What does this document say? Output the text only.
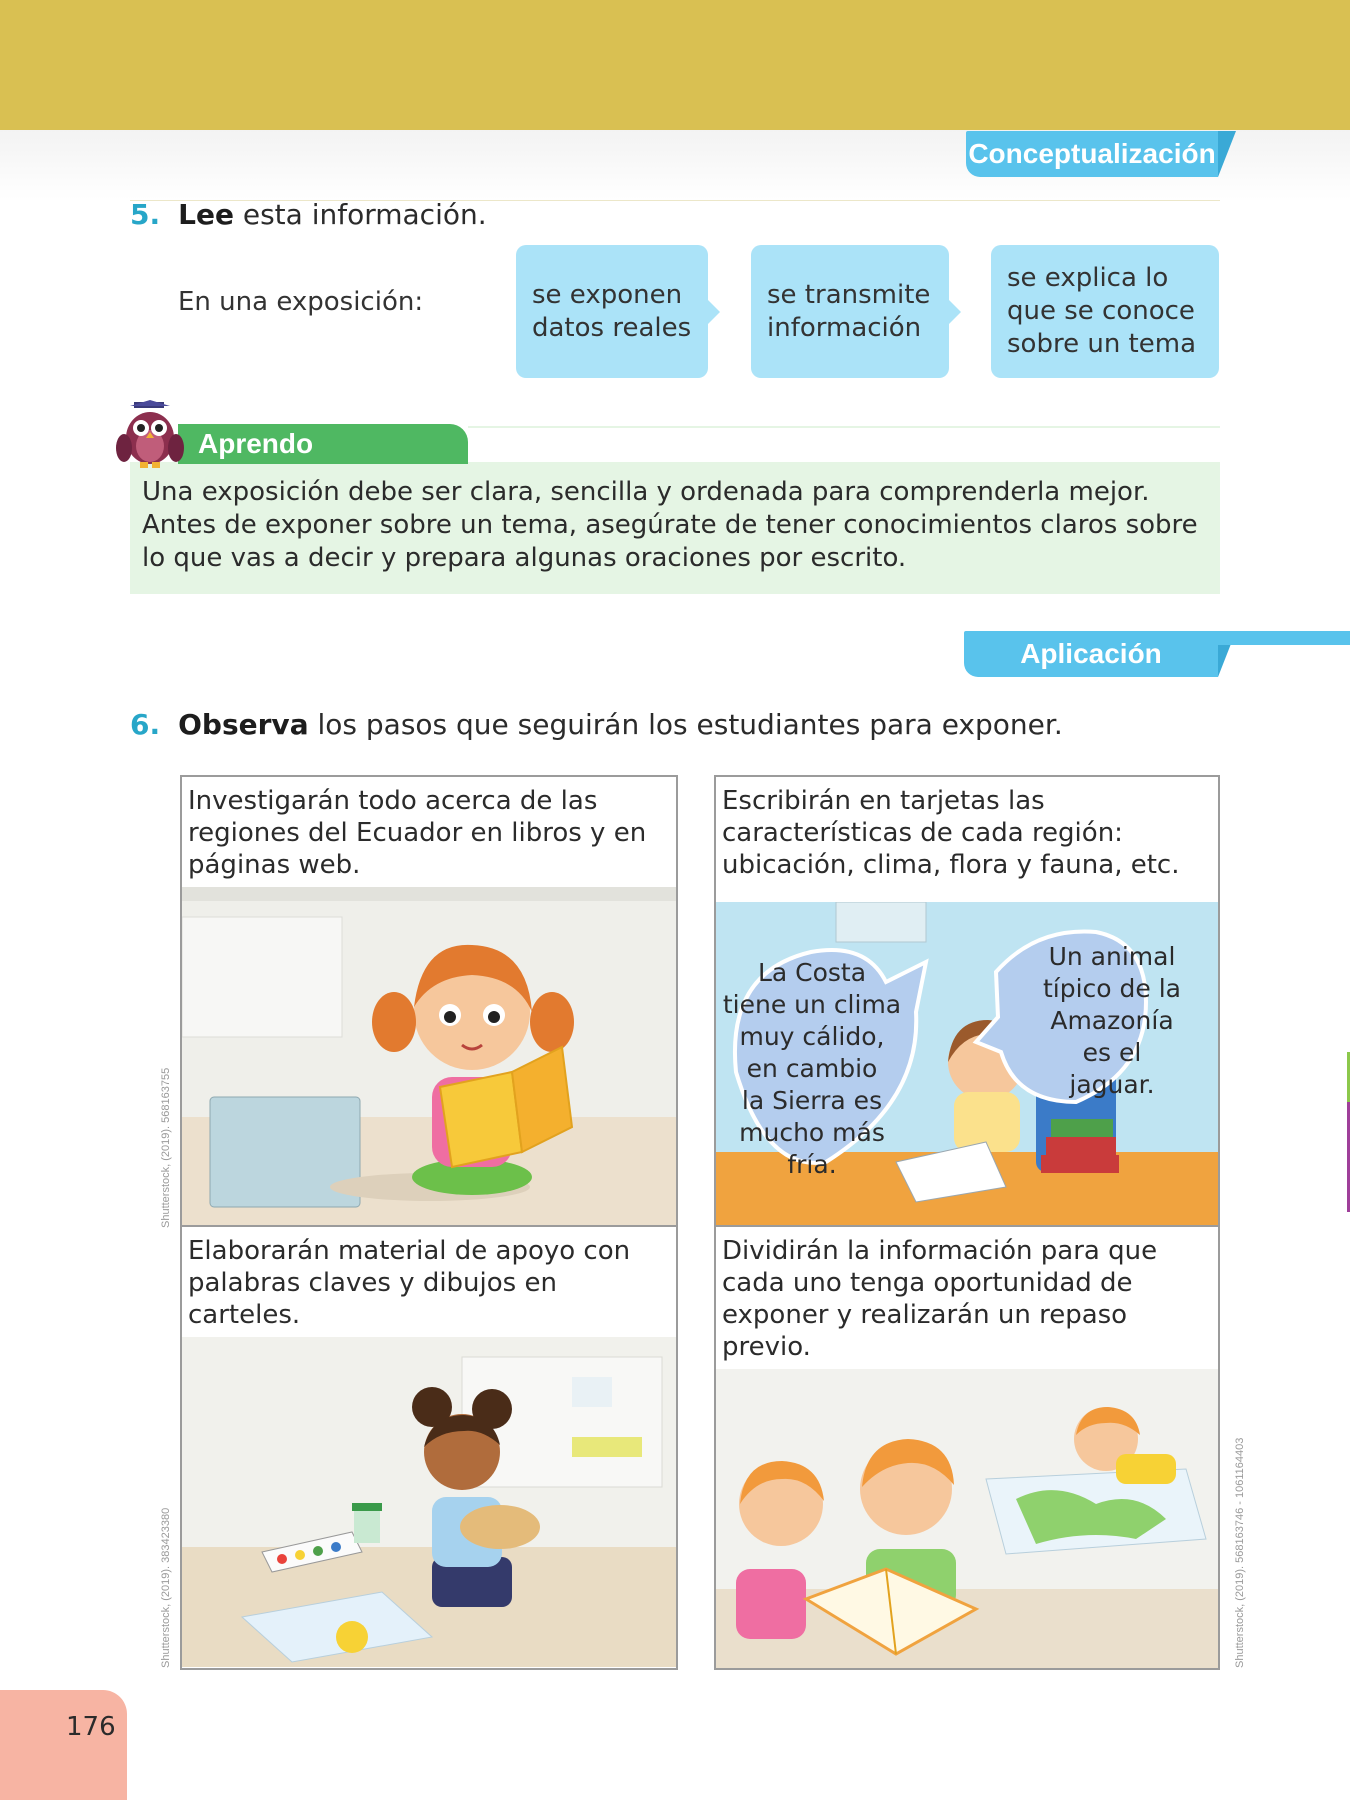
Conceptualización
5. Lee esta información.
En una exposición:	se exponen datos reales
se transmite información
se explica lo que se conoce sobre un tema

Una exposición debe ser clara, sencilla y ordenada para comprenderla mejor. Antes de exponer sobre un tema, asegúrate de tener conocimientos claros sobre lo que vas a decir y prepara algunas oraciones por escrito.

Aprendo
Aplicación
6. Observa los pasos que seguirán los estudiantes para exponer.
Investigarán todo acerca de las regiones del Ecuador en libros y en páginas web.
Escribirán en tarjetas las características de cada región: ubicación, clima, flora y fauna, etc.
La Costa
tiene un clima
muy cálido,
en cambio
la Sierra es
mucho más
fría.
Un animal
típico de la
Amazonía
es el
jaguar.
Elaborarán material de apoyo con palabras claves y dibujos en carteles.
Dividirán la información para que cada uno tenga oportunidad de exponer y realizarán un repaso previo.
Shutterstock, (2019). 568163755
Shutterstock, (2019). 383423380	Shutterstock, (2019). 568163746 - 1061164403
176
